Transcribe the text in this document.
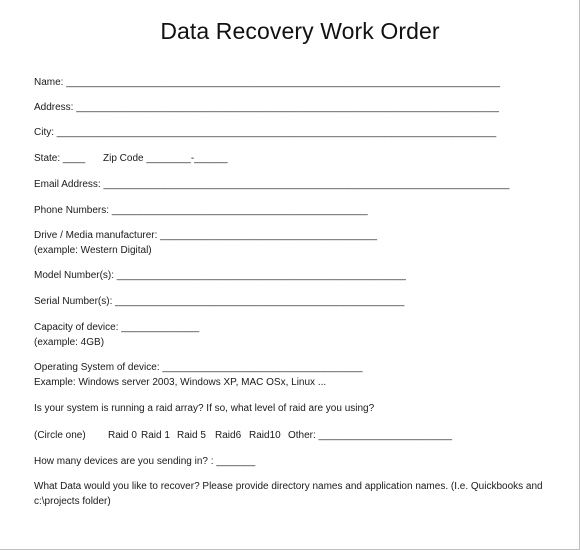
Data Recovery Work Order
Name: ______________________________________________________________________________
Address: ____________________________________________________________________________
City: _______________________________________________________________________________
State: ____ Zip Code ________-______
Email Address: _________________________________________________________________________
Phone Numbers: ______________________________________________
Drive / Media manufacturer: _______________________________________
(example: Western Digital)
Model Number(s): ____________________________________________________
Serial Number(s): ____________________________________________________
Capacity of device: ______________
(example: 4GB)
Operating System of device: ____________________________________
Example: Windows server 2003, Windows XP, MAC OSx, Linux ...
Is your system is running a raid array? If so, what level of raid are you using?
(Circle one) Raid 0 Raid 1 Raid 5 Raid6 Raid10 Other: ________________________
How many devices are you sending in? : _______
What Data would you like to recover? Please provide directory names and application names. (I.e. Quickbooks and
c:\projects folder)
